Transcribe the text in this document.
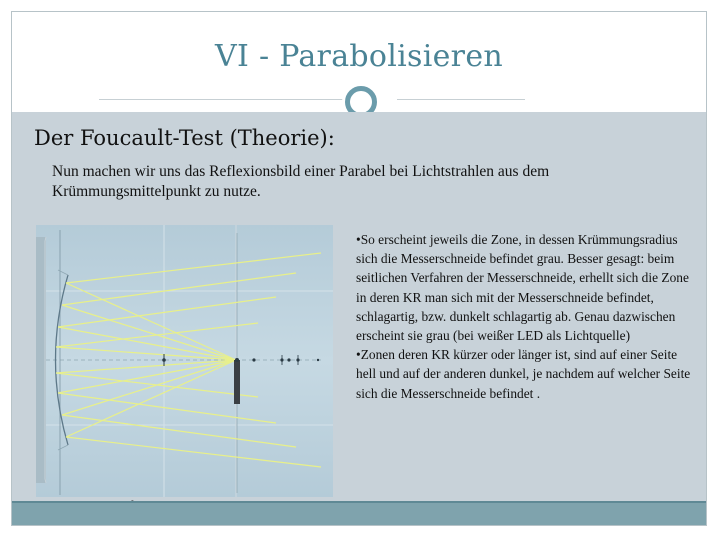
VI - Parabolisieren
Der Foucault-Test (Theorie):
Nun machen wir uns das Reflexionsbild einer Parabel bei Lichtstrahlen aus dem Krümmungsmittelpunkt zu nutze.

•So erscheint jeweils die Zone, in dessen Krümmungsradius sich die Messerschneide befindet grau. Besser gesagt: beim seitlichen Verfahren der Messerschneide, erhellt sich die Zone in deren KR man sich mit der Messerschneide befindet, schlagartig, bzw. dunkelt schlagartig ab. Genau dazwischen erscheint sie grau (bei weißer LED als Lichtquelle)

•Zonen deren KR kürzer oder länger ist, sind auf einer Seite hell und auf der anderen dunkel, je nachdem auf welcher Seite sich die Messerschneide befindet .
